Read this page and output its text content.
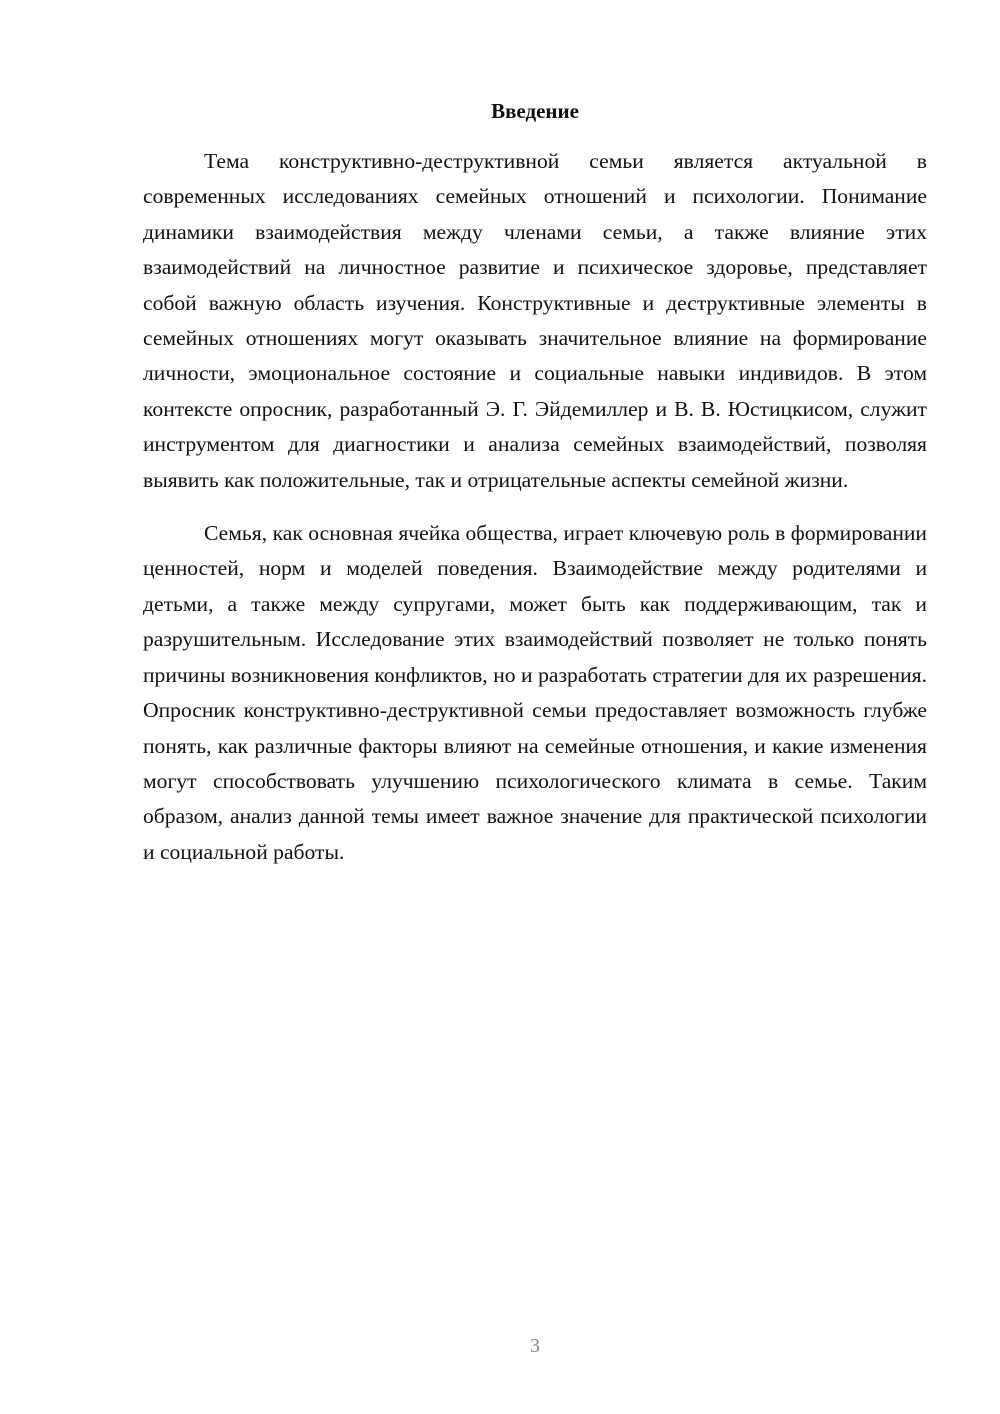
Введение

Тема конструктивно-деструктивной семьи является актуальной в современных исследованиях семейных отношений и психологии. Понимание динамики взаимодействия между членами семьи, а также влияние этих взаимодействий на личностное развитие и психическое здоровье, представляет собой важную область изучения. Конструктивные и деструктивные элементы в семейных отношениях могут оказывать значительное влияние на формирование личности, эмоциональное состояние и социальные навыки индивидов. В этом контексте опросник, разработанный Э. Г. Эйдемиллер и В. В. Юстицкисом, служит инструментом для диагностики и анализа семейных взаимодействий, позволяя выявить как положительные, так и отрицательные аспекты семейной жизни.

Семья, как основная ячейка общества, играет ключевую роль в формировании ценностей, норм и моделей поведения. Взаимодействие между родителями и детьми, а также между супругами, может быть как поддерживающим, так и разрушительным. Исследование этих взаимодействий позволяет не только понять причины возникновения конфликтов, но и разработать стратегии для их разрешения. Опросник конструктивно-деструктивной семьи предоставляет возможность глубже понять, как различные факторы влияют на семейные отношения, и какие изменения могут способствовать улучшению психологического климата в семье. Таким образом, анализ данной темы имеет важное значение для практической психологии и социальной работы.

3
